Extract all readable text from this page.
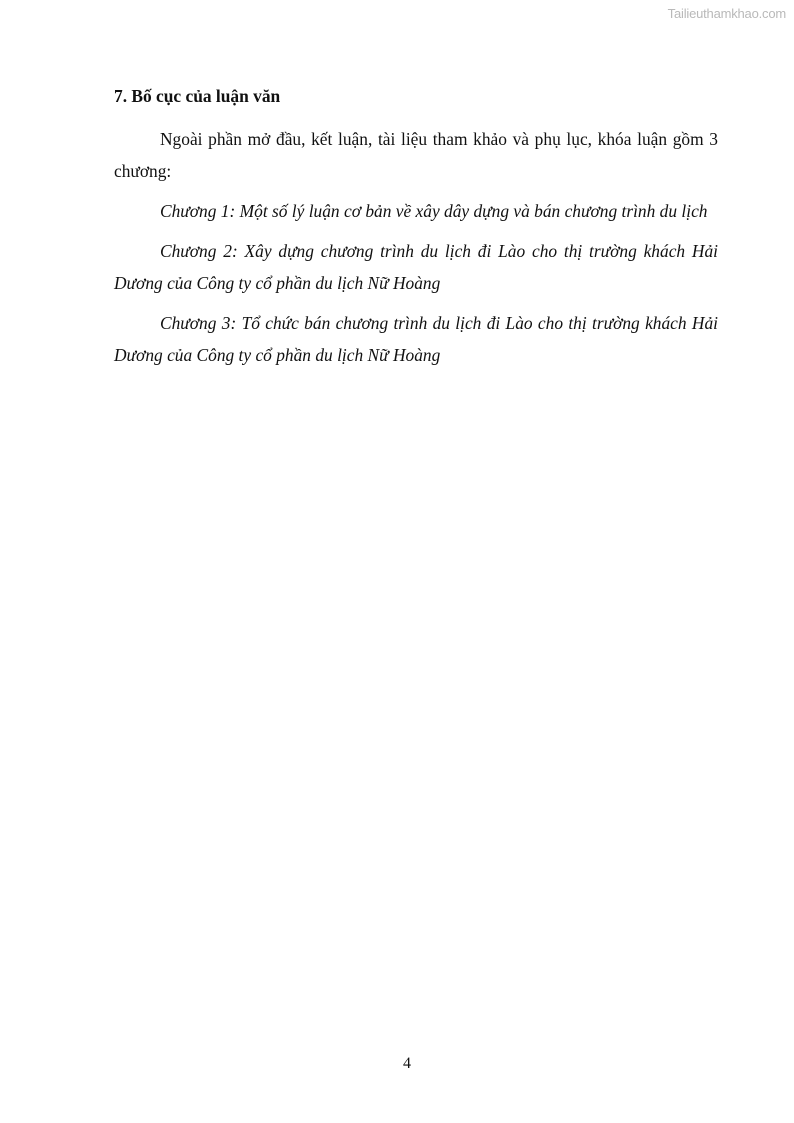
Tailieuthamkhao.com

7. Bố cục của luận văn

Ngoài phần mở đầu, kết luận, tài liệu tham khảo và phụ lục, khóa luận gồm 3 chương:

Chương 1: Một số lý luận cơ bản về xây dây dựng và bán chương trình du lịch

Chương 2: Xây dựng chương trình du lịch đi Lào cho thị trường khách Hải Dương của Công ty cổ phần du lịch Nữ Hoàng

Chương 3: Tổ chức bán chương trình du lịch đi Lào cho thị trường khách Hải Dương của Công ty cổ phần du lịch Nữ Hoàng

4
